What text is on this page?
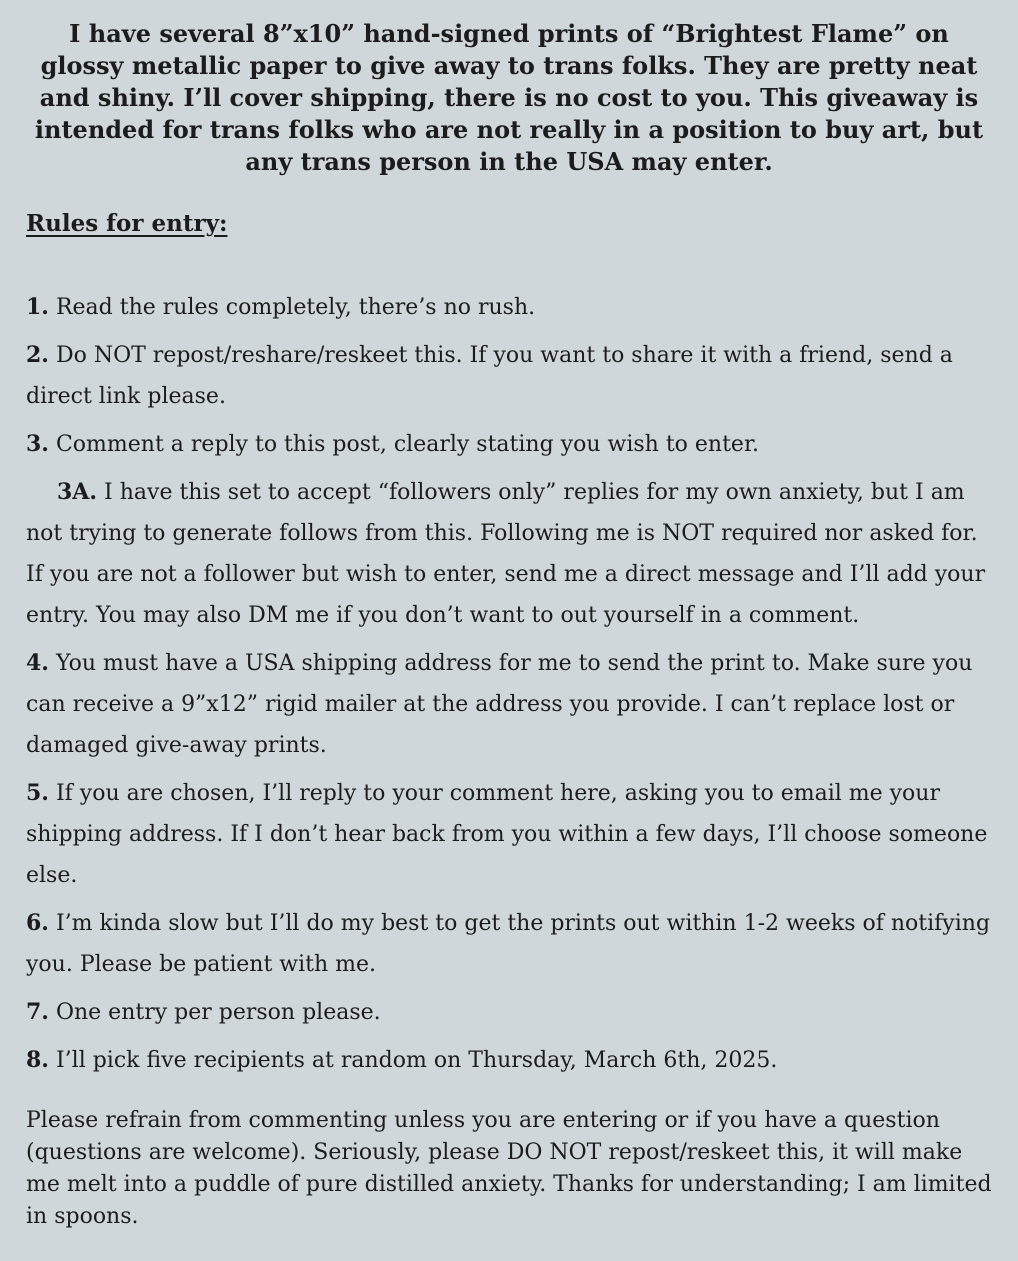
I have several 8”x10” hand-signed prints of “Brightest Flame” on glossy metallic paper to give away to trans folks. They are pretty neat and shiny. I’ll cover shipping, there is no cost to you. This giveaway is intended for trans folks who are not really in a position to buy art, but any trans person in the USA may enter.

Rules for entry:
1. Read the rules completely, there’s no rush.
2. Do NOT repost/reshare/reskeet this. If you want to share it with a friend, send a direct link please.
3. Comment a reply to this post, clearly stating you wish to enter.
3A. I have this set to accept “followers only” replies for my own anxiety, but I am not trying to generate follows from this. Following me is NOT required nor asked for. If you are not a follower but wish to enter, send me a direct message and I’ll add your entry. You may also DM me if you don’t want to out yourself in a comment.
4. You must have a USA shipping address for me to send the print to. Make sure you can receive a 9”x12” rigid mailer at the address you provide. I can’t replace lost or damaged give-away prints.
5. If you are chosen, I’ll reply to your comment here, asking you to email me your shipping address. If I don’t hear back from you within a few days, I’ll choose someone else.
6. I’m kinda slow but I’ll do my best to get the prints out within 1-2 weeks of notifying you. Please be patient with me.
7. One entry per person please.
8. I’ll pick five recipients at random on Thursday, March 6th, 2025.

Please refrain from commenting unless you are entering or if you have a question (questions are welcome). Seriously, please DO NOT repost/reskeet this, it will make me melt into a puddle of pure distilled anxiety. Thanks for understanding; I am limited in spoons.
